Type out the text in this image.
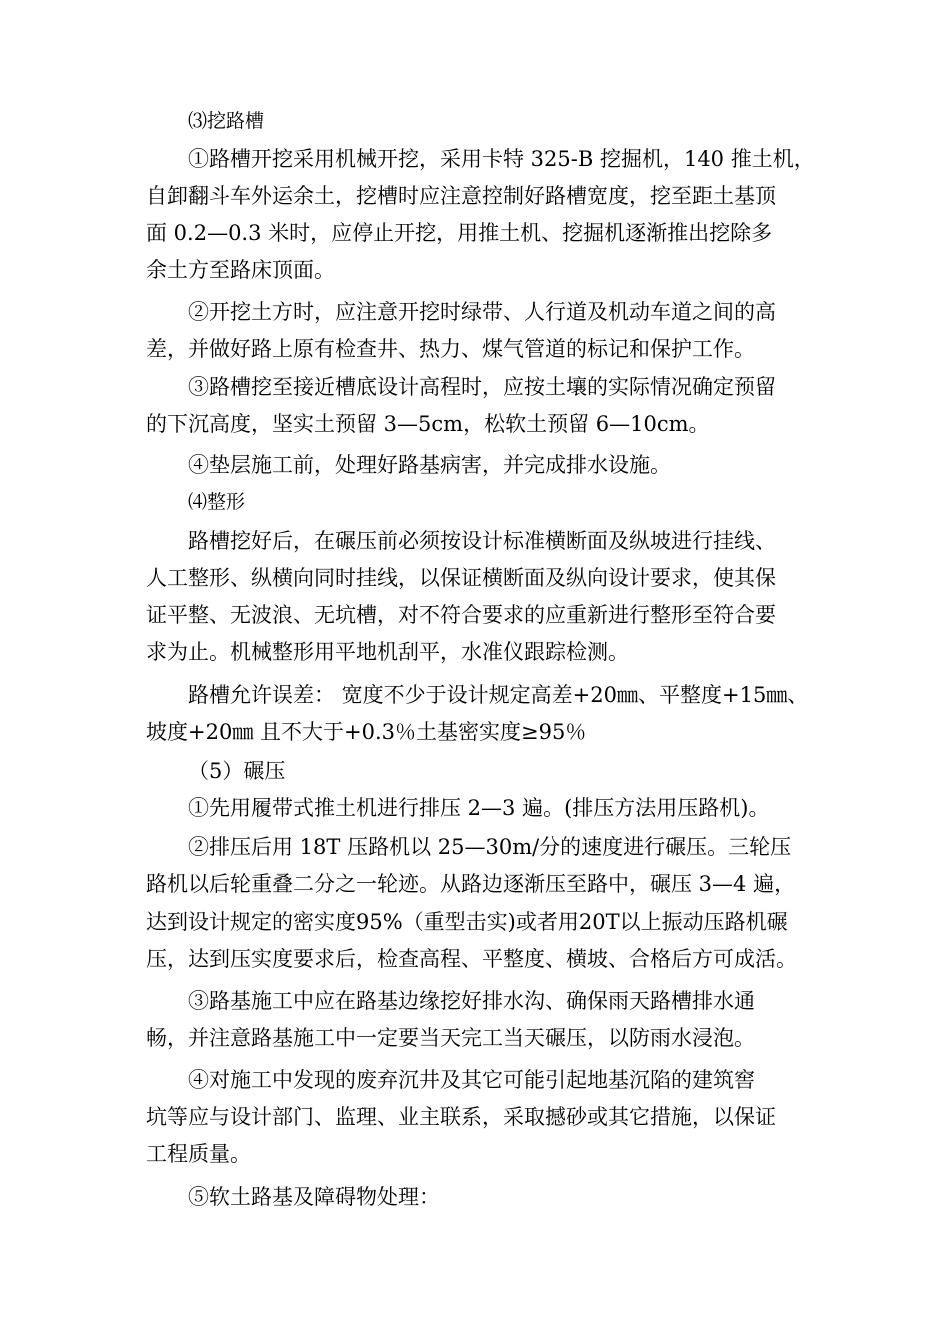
⑶挖路槽
①路槽开挖采用机械开挖，采用卡特 325-B 挖掘机，140 推土机，
自卸翻斗车外运余土，挖槽时应注意控制好路槽宽度，挖至距土基顶
面 0.2—0.3 米时，应停止开挖，用推土机、挖掘机逐渐推出挖除多
余土方至路床顶面。
②开挖土方时，应注意开挖时绿带、人行道及机动车道之间的高
差，并做好路上原有检查井、热力、煤气管道的标记和保护工作。
③路槽挖至接近槽底设计高程时，应按土壤的实际情况确定预留
的下沉高度，坚实土预留 3—5cm，松软土预留 6—10cm。
④垫层施工前，处理好路基病害，并完成排水设施。
⑷整形
路槽挖好后，在碾压前必须按设计标准横断面及纵坡进行挂线、
人工整形、纵横向同时挂线，以保证横断面及纵向设计要求，使其保
证平整、无波浪、无坑槽，对不符合要求的应重新进行整形至符合要
求为止。机械整形用平地机刮平，水准仪跟踪检测。
路槽允许误差： 宽度不少于设计规定高差+20㎜、平整度+15㎜、
坡度+20㎜ 且不大于+0.3％土基密实度≥95％
（5）碾压
①先用履带式推土机进行排压 2—3 遍。(排压方法用压路机)。
②排压后用 18T 压路机以 25—30m/分的速度进行碾压。三轮压
路机以后轮重叠二分之一轮迹。从路边逐渐压至路中，碾压 3—4 遍，
达到设计规定的密实度95%（重型击实)或者用20T以上振动压路机碾
压，达到压实度要求后，检查高程、平整度、横坡、合格后方可成活。
③路基施工中应在路基边缘挖好排水沟、确保雨天路槽排水通
畅，并注意路基施工中一定要当天完工当天碾压，以防雨水浸泡。
④对施工中发现的废弃沉井及其它可能引起地基沉陷的建筑窖
坑等应与设计部门、监理、业主联系，采取撼砂或其它措施，以保证
工程质量。
⑤软土路基及障碍物处理：
